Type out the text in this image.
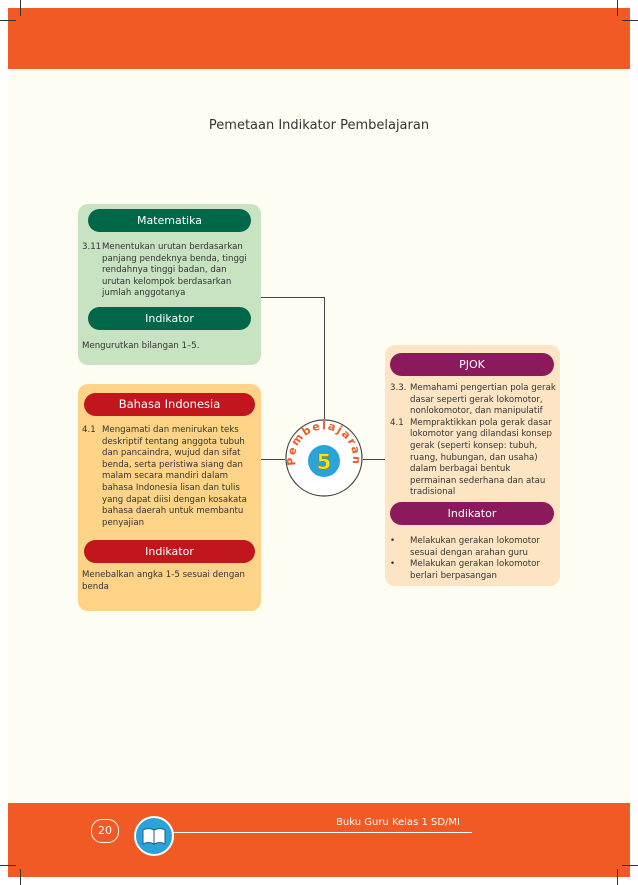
Pemetaan Indikator Pembelajaran
Matematika
3.11 Menentukan urutan berdasarkan panjang pendeknya benda, tinggi rendahnya tinggi badan, dan urutan kelompok berdasarkan jumlah anggotanya
Indikator
Mengurutkan bilangan 1–5.
Bahasa Indonesia
4.1 Mengamati dan menirukan teks deskriptif tentang anggota tubuh dan pancaindra, wujud dan sifat benda, serta peristiwa siang dan malam secara mandiri dalam bahasa Indonesia lisan dan tulis yang dapat diisi dengan kosakata bahasa daerah untuk membantu penyajian
Indikator
Menebalkan angka 1-5 sesuai dengan benda
PJOK
3.3. Memahami pengertian pola gerak dasar seperti gerak lokomotor, nonlokomotor, dan manipulatif
4.1 Mempraktikkan pola gerak dasar lokomotor yang dilandasi konsep gerak (seperti konsep: tubuh, ruang, hubungan, dan usaha) dalam berbagai bentuk permainan sederhana dan atau tradisional
Indikator
•	Melakukan gerakan lokomotor sesuai dengan arahan guru
•	Melakukan gerakan lokomotor berlari berpasangan
Pembelajaran
5
20
Buku Guru Kelas 1 SD/MI
